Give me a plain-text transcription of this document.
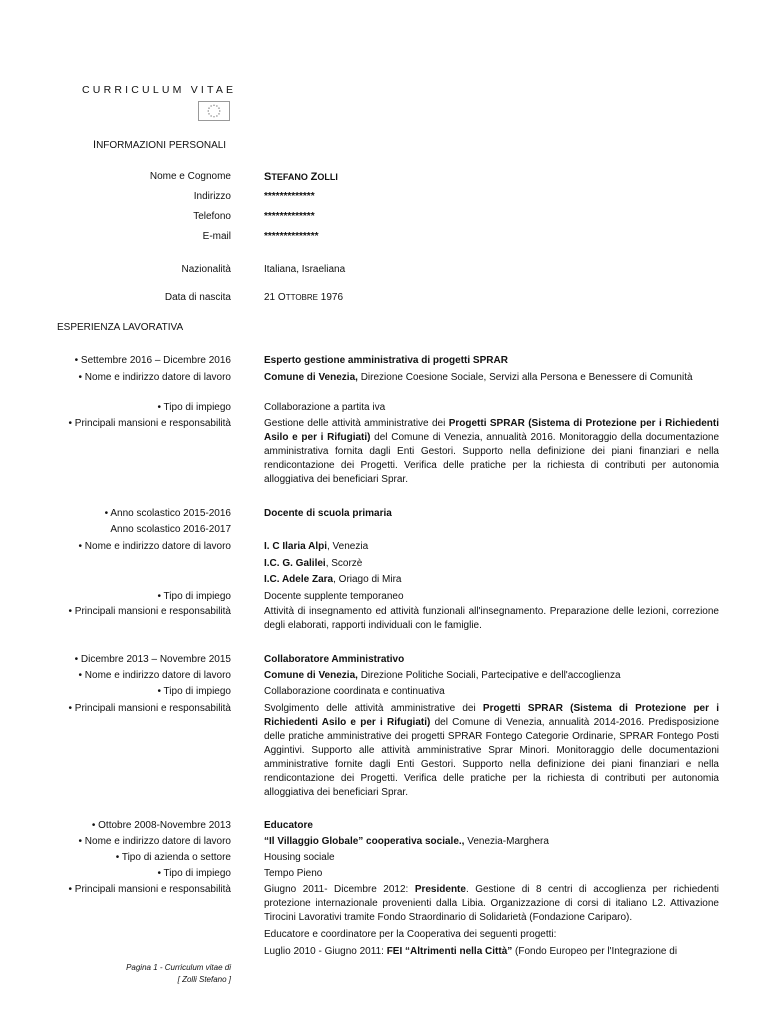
CURRICULUM VITAE
INFORMAZIONI PERSONALI
Nome e Cognome	STEFANO ZOLLI
Indirizzo	*************
Telefono	*************
E-mail	**************
Nazionalità	Italiana, Israeliana
Data di nascita	21 OTTOBRE 1976
ESPERIENZA LAVORATIVA
• Settembre 2016 – Dicembre 2016	Esperto gestione amministrativa di progetti SPRAR
• Nome e indirizzo datore di lavoro	Comune di Venezia, Direzione Coesione Sociale, Servizi alla Persona e Benessere di Comunità
• Tipo di impiego	Collaborazione a partita iva
• Principali mansioni e responsabilità	Gestione delle attività amministrative dei Progetti SPRAR (Sistema di Protezione per i Richiedenti Asilo e per i Rifugiati) del Comune di Venezia, annualità 2016. Monitoraggio della documentazione amministrativa fornita dagli Enti Gestori. Supporto nella definizione dei piani finanziari e nella rendicontazione dei Progetti. Verifica delle pratiche per la richiesta di contributi per autonomia alloggiativa dei beneficiari Sprar.
• Anno scolastico 2015-2016	Docente di scuola primaria
Anno scolastico 2016-2017
• Nome e indirizzo datore di lavoro	I. C Ilaria Alpi, Venezia
I.C. G. Galilei, Scorzè
I.C. Adele Zara, Oriago di Mira
• Tipo di impiego	Docente supplente temporaneo
• Principali mansioni e responsabilità	Attività di insegnamento ed attività funzionali all'insegnamento. Preparazione delle lezioni, correzione degli elaborati, rapporti individuali con le famiglie.
• Dicembre 2013 – Novembre 2015	Collaboratore Amministrativo
• Nome e indirizzo datore di lavoro	Comune di Venezia, Direzione Politiche Sociali, Partecipative e dell'accoglienza
• Tipo di impiego	Collaborazione coordinata e continuativa
• Principali mansioni e responsabilità	Svolgimento delle attività amministrative dei Progetti SPRAR (Sistema di Protezione per i Richiedenti Asilo e per i Rifugiati) del Comune di Venezia, annualità 2014-2016. Predisposizione delle pratiche amministrative dei progetti SPRAR Fontego Categorie Ordinarie, SPRAR Fontego Posti Aggintivi. Supporto alle attività amministrative Sprar Minori. Monitoraggio delle documentazioni amministrative fornite dagli Enti Gestori. Supporto nella definizione dei piani finanziari e nella rendicontazione dei Progetti. Verifica delle pratiche per la richiesta di contributi per autonomia alloggiativa dei beneficiari Sprar.
• Ottobre 2008-Novembre 2013	Educatore
• Nome e indirizzo datore di lavoro	“Il Villaggio Globale” cooperativa sociale., Venezia-Marghera
• Tipo di azienda o settore	Housing sociale
• Tipo di impiego	Tempo Pieno
• Principali mansioni e responsabilità	Giugno 2011- Dicembre 2012: Presidente. Gestione di 8 centri di accoglienza per richiedenti protezione internazionale provenienti dalla Libia. Organizzazione di corsi di italiano L2. Attivazione Tirocini Lavorativi tramite Fondo Straordinario di Solidarietà (Fondazione Cariparo).
Educatore e coordinatore per la Cooperativa dei seguenti progetti:
Luglio 2010 - Giugno 2011: FEI “Altrimenti nella Città” (Fondo Europeo per l'Integrazione di
Pagina 1 - Curriculum vitae di
[ Zolli Stefano ]
